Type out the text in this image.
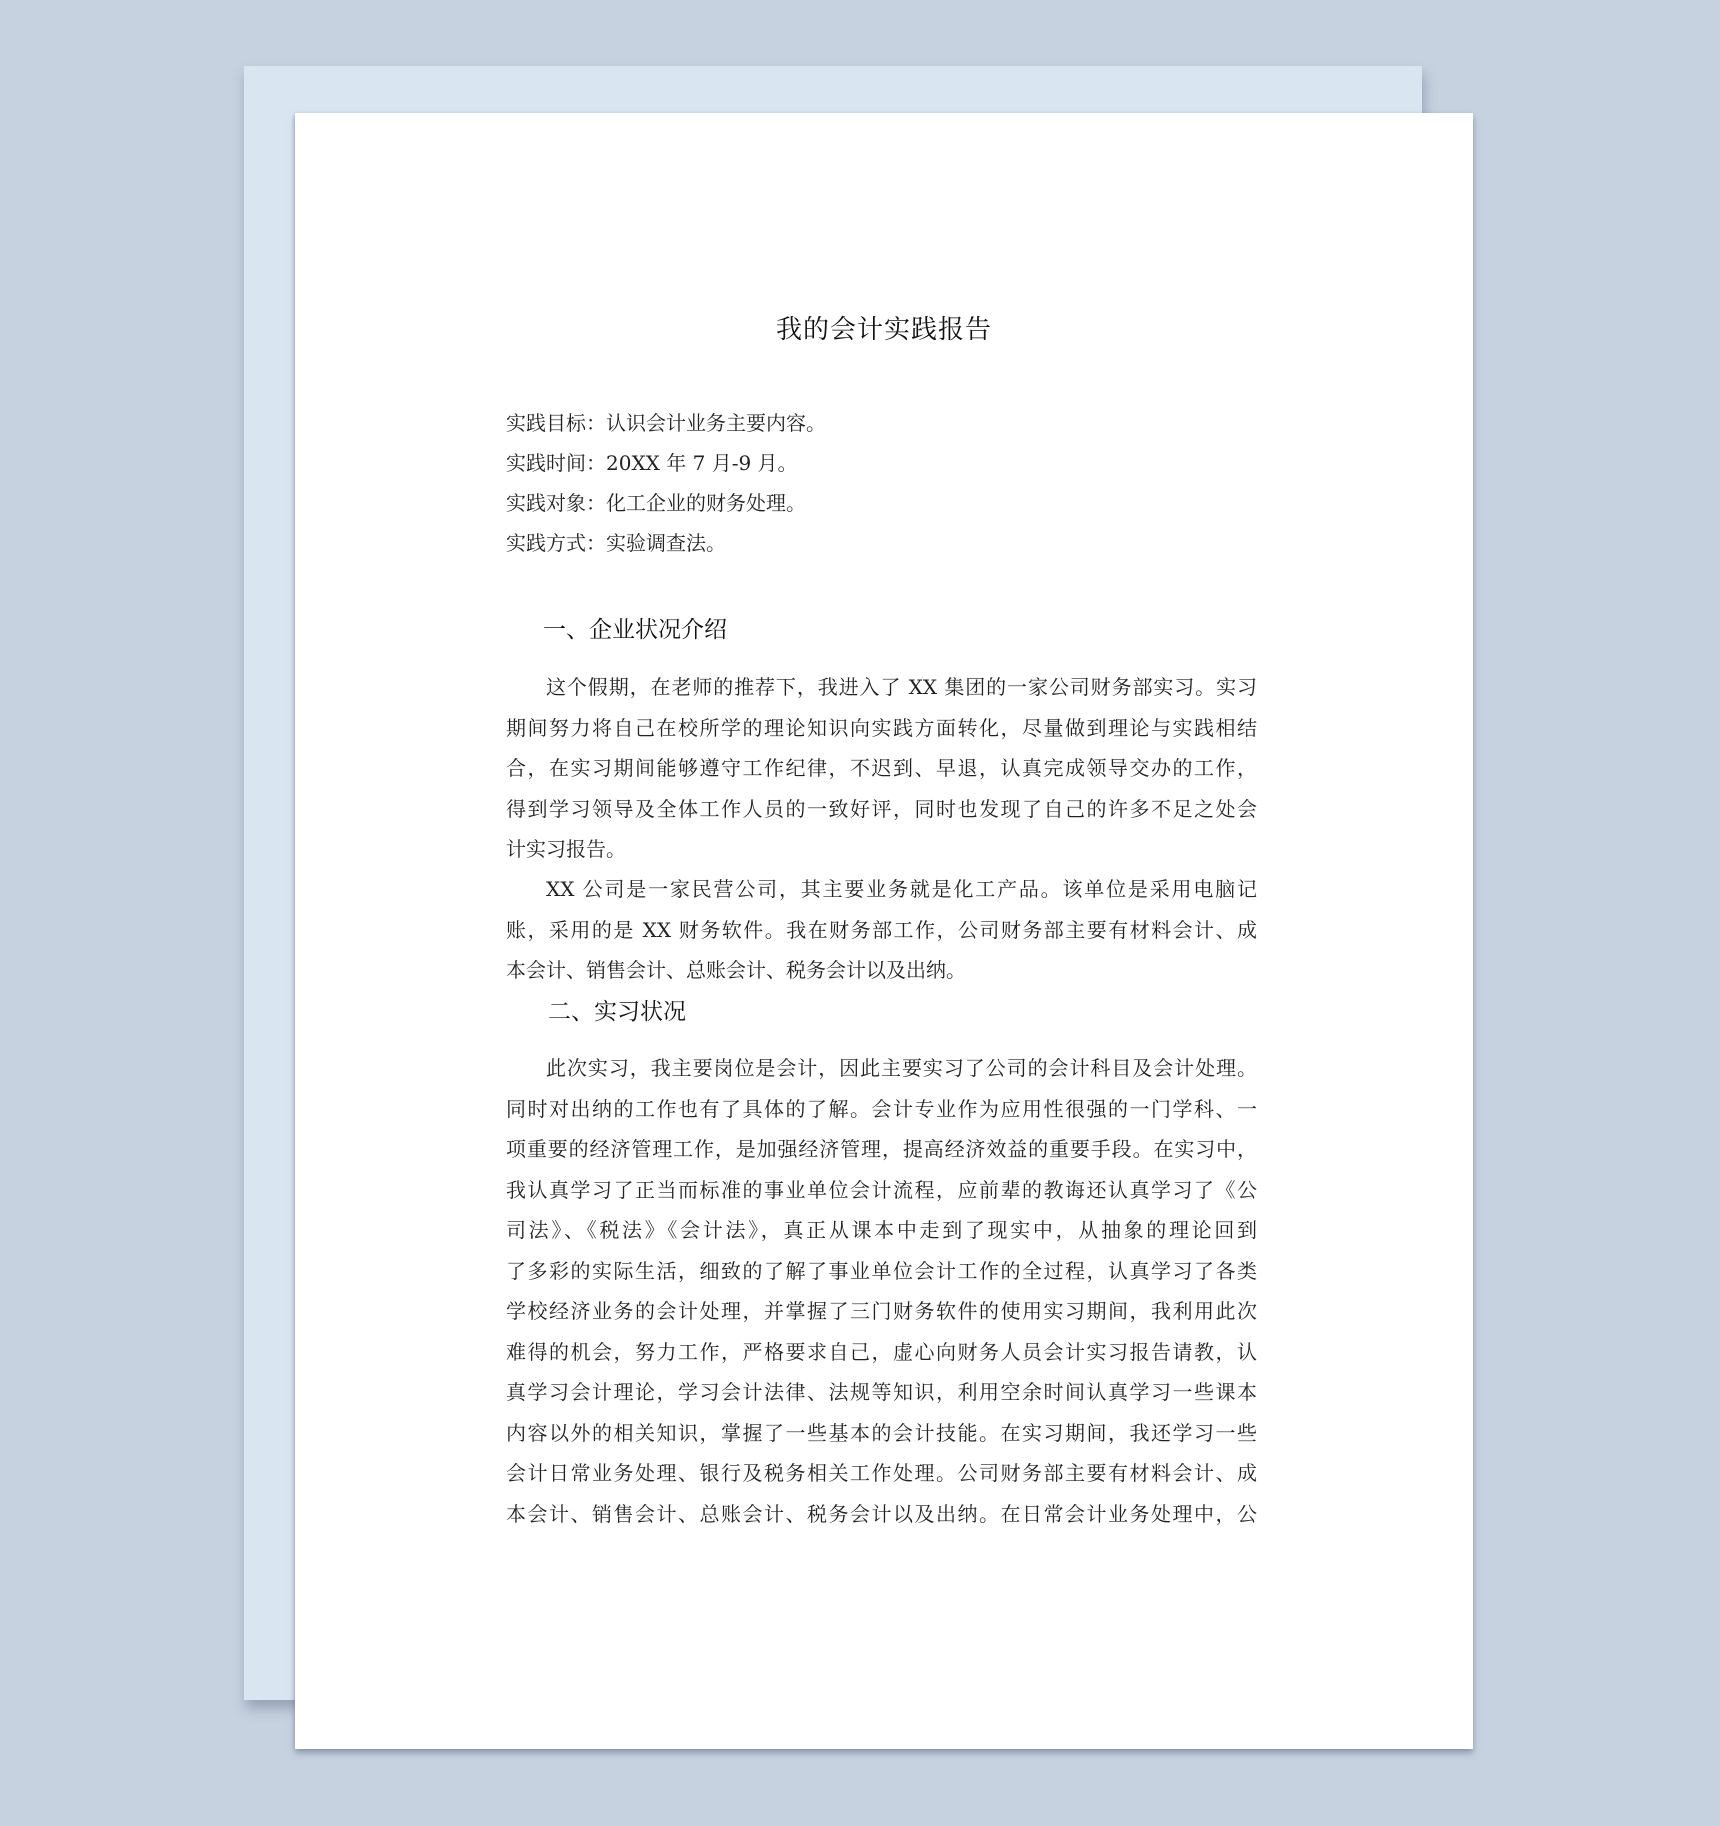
我的会计实践报告
实践目标：认识会计业务主要内容。
实践时间：20XX 年 7 月-9 月。
实践对象：化工企业的财务处理。
实践方式：实验调查法。
一、企业状况介绍
这个假期，在老师的推荐下，我进入了 XX 集团的一家公司财务部实习。实习
期间努力将自己在校所学的理论知识向实践方面转化，尽量做到理论与实践相结
合，在实习期间能够遵守工作纪律，不迟到、早退，认真完成领导交办的工作，
得到学习领导及全体工作人员的一致好评，同时也发现了自己的许多不足之处会
计实习报告。
XX 公司是一家民营公司，其主要业务就是化工产品。该单位是采用电脑记
账，采用的是 XX 财务软件。我在财务部工作，公司财务部主要有材料会计、成
本会计、销售会计、总账会计、税务会计以及出纳。
二、实习状况
此次实习，我主要岗位是会计，因此主要实习了公司的会计科目及会计处理。
同时对出纳的工作也有了具体的了解。会计专业作为应用性很强的一门学科、一
项重要的经济管理工作，是加强经济管理，提高经济效益的重要手段。在实习中，
我认真学习了正当而标准的事业单位会计流程，应前辈的教诲还认真学习了《公
司法》、《税法》《会计法》，真正从课本中走到了现实中，从抽象的理论回到
了多彩的实际生活，细致的了解了事业单位会计工作的全过程，认真学习了各类
学校经济业务的会计处理，并掌握了三门财务软件的使用实习期间，我利用此次
难得的机会，努力工作，严格要求自己，虚心向财务人员会计实习报告请教，认
真学习会计理论，学习会计法律、法规等知识，利用空余时间认真学习一些课本
内容以外的相关知识，掌握了一些基本的会计技能。在实习期间，我还学习一些
会计日常业务处理、银行及税务相关工作处理。公司财务部主要有材料会计、成
本会计、销售会计、总账会计、税务会计以及出纳。在日常会计业务处理中，公
